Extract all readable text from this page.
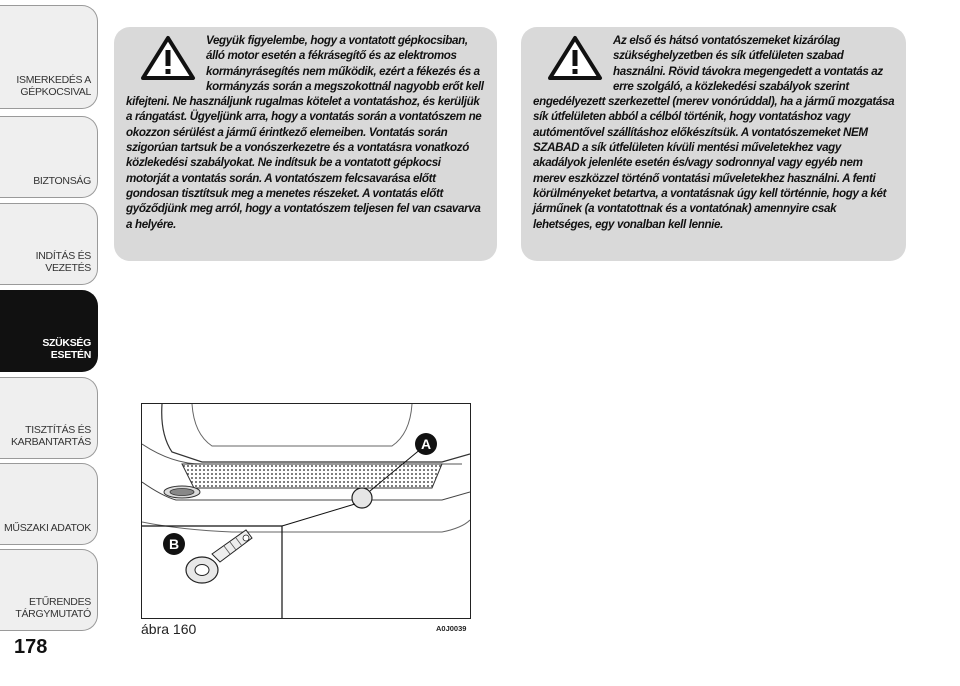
ISMERKEDÉS A
GÉPKOCSIVAL
BIZTONSÁG
INDÍTÁS ÉS VEZETÉS
SZÜKSÉG ESETÉN
TISZTÍTÁS ÉS
KARBANTARTÁS
MŰSZAKI ADATOK
ETŰRENDES
TÁRGYMUTATÓ
178

Vegyük figyelembe, hogy a vontatott gépkocsiban, álló motor esetén a fékrásegítő és az elektromos kormányrásegítés nem működik, ezért a fékezés és a kormányzás során a megszokottnál nagyobb erőt kell kifejteni. Ne használjunk rugalmas kötelet a vontatáshoz, és kerüljük a rángatást. Ügyeljünk arra, hogy a vontatás során a vontatószem ne okozzon sérülést a jármű érintkező elemeiben. Vontatás során szigorúan tartsuk be a vonószerkezetre és a vontatásra vonatkozó közlekedési szabályokat. Ne indítsuk be a vontatott gépkocsi motorját a vontatás során. A vontatószem felcsavarása előtt gondosan tisztítsuk meg a menetes részeket. A vontatás előtt győződjünk meg arról, hogy a vontatószem teljesen fel van csavarva a helyére.

Az első és hátsó vontatószemeket kizárólag szükséghelyzetben és sík útfelületen szabad használni. Rövid távokra megengedett a vontatás az erre szolgáló, a közlekedési szabályok szerint engedélyezett szerkezettel (merev vonórúddal), ha a jármű mozgatása sík útfelületen abból a célból történik, hogy vontatáshoz vagy autómentővel szállításhoz előkészítsük. A vontatószemeket NEM SZABAD a sík útfelületen kívüli mentési műveletekhez vagy akadályok jelenléte esetén és/vagy sodronnyal vagy egyéb nem merev eszközzel történő vontatási műveletekhez használni. A fenti körülményeket betartva, a vontatásnak úgy kell történnie, hogy a két járműnek (a vontatottnak és a vontatónak) amennyire csak lehetséges, egy vonalban kell lennie.

A
B
ábra 160	A0J0039
